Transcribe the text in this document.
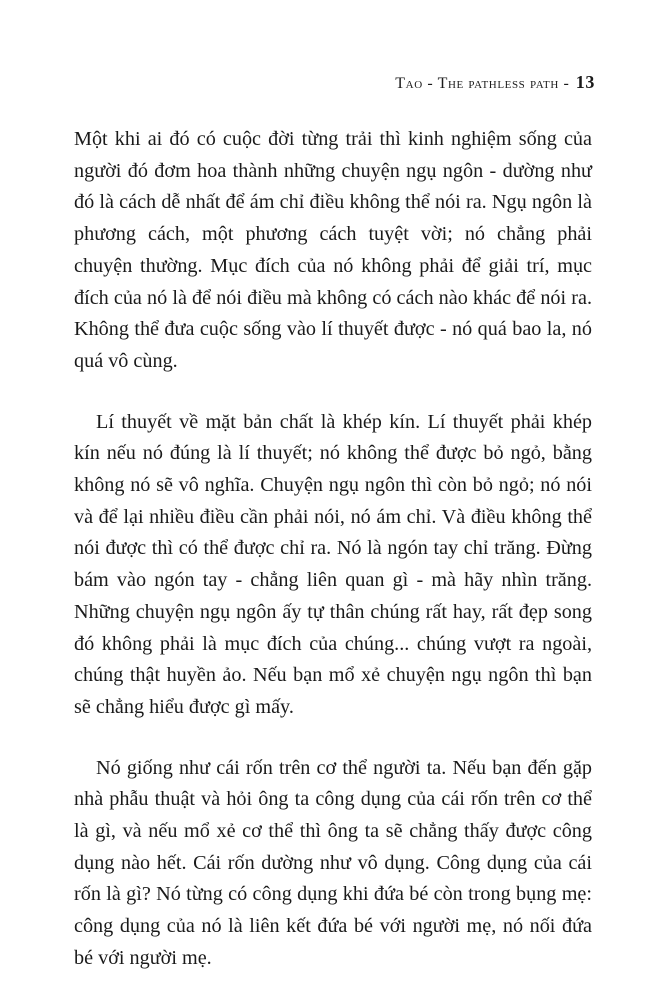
Tao - The pathless path - 13

Một khi ai đó có cuộc đời từng trải thì kinh nghiệm sống của người đó đơm hoa thành những chuyện ngụ ngôn - dường như đó là cách dễ nhất để ám chỉ điều không thể nói ra. Ngụ ngôn là phương cách, một phương cách tuyệt vời; nó chẳng phải chuyện thường. Mục đích của nó không phải để giải trí, mục đích của nó là để nói điều mà không có cách nào khác để nói ra. Không thể đưa cuộc sống vào lí thuyết được - nó quá bao la, nó quá vô cùng.

Lí thuyết về mặt bản chất là khép kín. Lí thuyết phải khép kín nếu nó đúng là lí thuyết; nó không thể được bỏ ngỏ, bằng không nó sẽ vô nghĩa. Chuyện ngụ ngôn thì còn bỏ ngỏ; nó nói và để lại nhiều điều cần phải nói, nó ám chỉ. Và điều không thể nói được thì có thể được chỉ ra. Nó là ngón tay chỉ trăng. Đừng bám vào ngón tay - chẳng liên quan gì - mà hãy nhìn trăng. Những chuyện ngụ ngôn ấy tự thân chúng rất hay, rất đẹp song đó không phải là mục đích của chúng... chúng vượt ra ngoài, chúng thật huyền ảo. Nếu bạn mổ xẻ chuyện ngụ ngôn thì bạn sẽ chẳng hiểu được gì mấy.

Nó giống như cái rốn trên cơ thể người ta. Nếu bạn đến gặp nhà phẫu thuật và hỏi ông ta công dụng của cái rốn trên cơ thể là gì, và nếu mổ xẻ cơ thể thì ông ta sẽ chẳng thấy được công dụng nào hết. Cái rốn dường như vô dụng. Công dụng của cái rốn là gì? Nó từng có công dụng khi đứa bé còn trong bụng mẹ: công dụng của nó là liên kết đứa bé với người mẹ, nó nối đứa bé với người mẹ.
